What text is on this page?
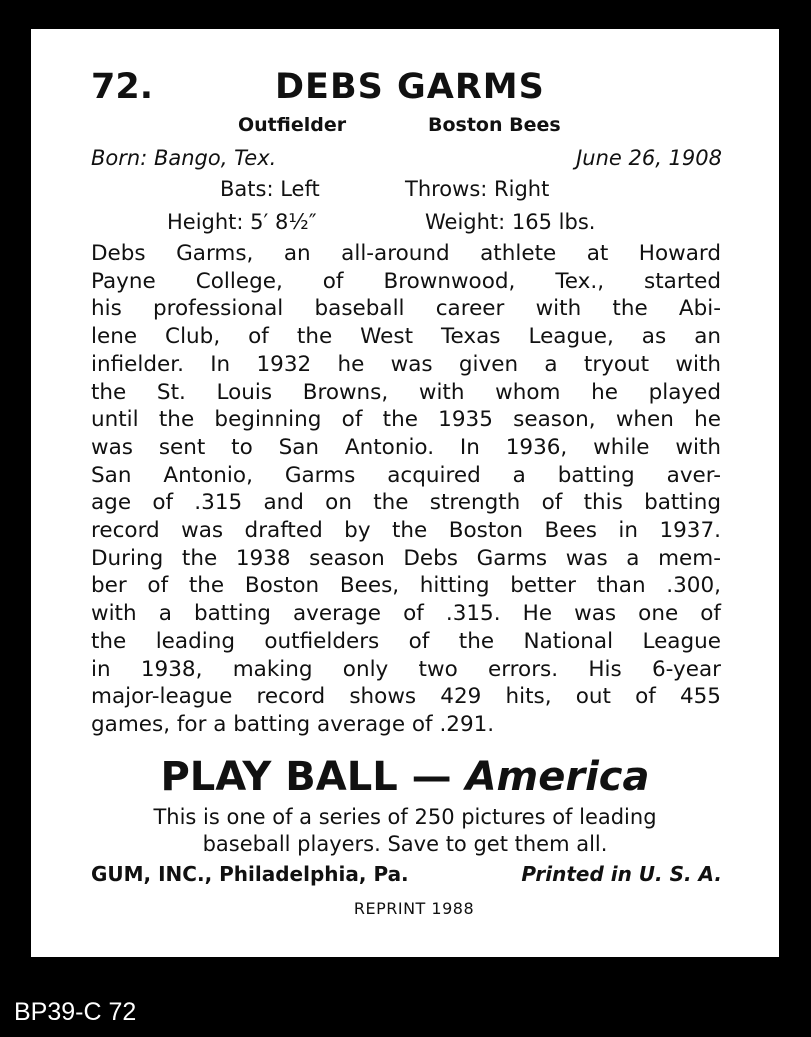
72.	DEBS GARMS
Outfielder	Boston Bees
Born: Bango, Tex.	June 26, 1908
Bats: Left	Throws: Right
Height: 5′ 8½″	Weight: 165 lbs.
Debs Garms, an all-around athlete at Howard
Payne College, of Brownwood, Tex., started
his professional baseball career with the Abi-
lene Club, of the West Texas League, as an
infielder. In 1932 he was given a tryout with
the St. Louis Browns, with whom he played
until the beginning of the 1935 season, when he
was sent to San Antonio. In 1936, while with
San Antonio, Garms acquired a batting aver-
age of .315 and on the strength of this batting
record was drafted by the Boston Bees in 1937.
During the 1938 season Debs Garms was a mem-
ber of the Boston Bees, hitting better than .300,
with a batting average of .315. He was one of
the leading outfielders of the National League
in 1938, making only two errors. His 6-year
major-league record shows 429 hits, out of 455
games, for a batting average of .291.
PLAY BALL — America
This is one of a series of 250 pictures of leading
baseball players. Save to get them all.
GUM, INC., Philadelphia, Pa.	Printed in U. S. A.
REPRINT 1988
BP39-C 72
